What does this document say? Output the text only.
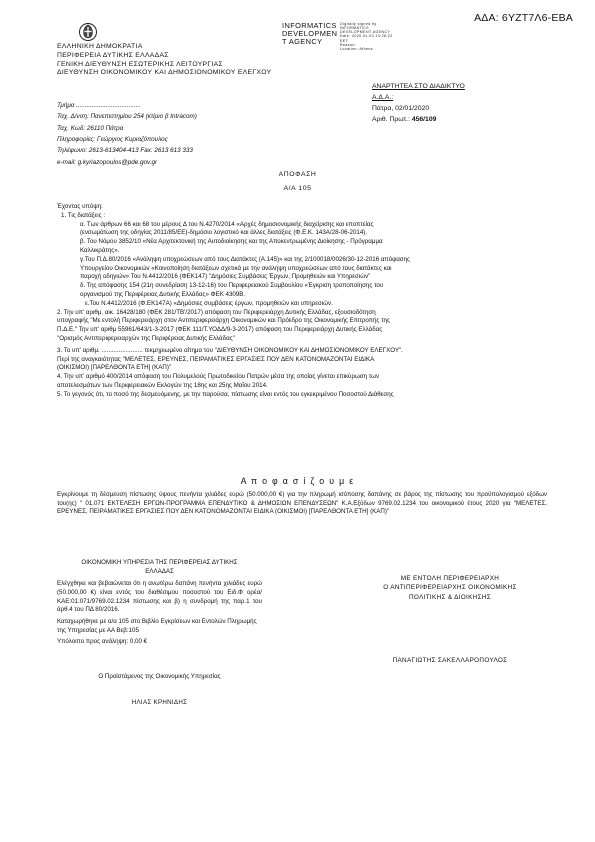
ΑΔΑ: 6ΥΖΤ7Λ6-ΕΒΑ
ΕΛΛΗΝΙΚΗ ΔΗΜΟΚΡΑΤΙΑ
ΠΕΡΙΦΕΡΕΙΑ ΔΥΤΙΚΗΣ ΕΛΛΑΔΑΣ
ΓΕΝΙΚΗ ΔΙΕΥΘΥΝΣΗ ΕΣΩΤΕΡΙΚΗΣ ΛΕΙΤΟΥΡΓΙΑΣ
ΔΙΕΥΘΥΝΣΗ ΟΙΚΟΝΟΜΙΚΟΥ ΚΑΙ ΔΗΜΟΣΙΟΝΟΜΙΚΟΥ ΕΛΕΓΧΟΥ
INFORMATICS
DEVELOPMEN
T AGENCY
Digitally signed by
INFORMATICS
DEVELOPMENT AGENCY
Date: 2020.01.03 13:26:22
EET
Reason:
Location: Athens
ΑΝΑΡΤΗΤΕΑ ΣΤΟ ΔΙΑΔΙΚΤΥΟ
Α.Δ.Α.:
Πάτρα, 02/01/2020
Αριθ. Πρωτ.: 456/109
Τμήμα .....................................
Ταχ. Δ/νση: Πανεπιστημίου 254 (κτίριο β Intracom)
Ταχ. Κωδ: 26110 Πάτρα
Πληροφορίες: Γεώργιος Κυριαζόπουλος
Τηλέφωνο: 2613-613404-413 Fax: 2613 613 333
e-mail: g.kyriazopoulos@pde.gov.gr
ΑΠΟΦΑΣΗ
Α/Α 105

Έχοντας υπόψη:

1. Τις διατάξεις :

α. Των άρθρων 66 και 68 του μέρους Δ του Ν.4270/2014 «Αρχές δημοσιονομικής διαχείρισης και εποπτείας

(ενσωμάτωση της οδηγίας 2011/85/ΕΕ)-δημόσιο λογιστικό και άλλες διατάξεις (Φ.Ε.Κ. 143Α/28-06-2014).

β. Του Νόμου 3852/10 «Νέα Αρχιτεκτονική της Αυτοδιοίκησης και της Αποκεντρωμένης Διοίκησης - Πρόγραμμα

Καλλικράτης».

γ.Του Π.Δ.80/2016 «Ανάληψη υποχρεώσεων από τους Διατάκτες (Α.145)» και της 2/100018/0026/30-12-2016 απόφασης

Υπουργείου Οικονομικών «Κοινοποίηση διατάξεων σχετικά με την ανάληψη υποχρεώσεων από τους διατάκτες και

παροχή οδηγιών» Του Ν.4412/2016 (ΦΕΚ147) "Δημόσιες Συμβάσεις Έργων, Προμηθειών και Υπηρεσιών"

δ. Της απόφασης 154 (21η συνεδρίαση 13-12-16) του Περιφερειακού Συμβουλίου «Έγκριση τροποποίησης του

οργανισμού της Περιφέρειας Δυτικής Ελλάδας» ΦΕΚ 4309Β.

ε.Του Ν.4412/2016 (Φ.ΕΚ147Α) «Δημόσιες συμβάσεις έργων, προμηθειών και υπηρεσιών.

2. Την υπ' αριθμ. αικ. 16428/180 (ΦΕΚ 281/ΤΒ'/2017) απόφαση του Περιφερειάρχη Δυτικής Ελλάδας, εξουσιοδότηση

υπογραφής "Με εντολή Περιφερειάρχη στον Αντιπεριφερειάρχη Οικονομικών και Πρόεδρο της Οικονομικής Επιτροπής της

Π.Δ.Ε." Την υπ' αριθμ 55961/643/1-3-2017 (ΦΕΚ 111/Τ.ΥΟΔΔ/9-3-2017) απόφαση του Περιφερειάρχη Δυτικής Ελλάδας

"Ορισμός Αντιπεριφερειαρχών της Περιφέρειας Δυτικής Ελλάδας"

3. Το υπ' αριθμ. ........................ τεκμηριωμένο αίτημα του "ΔΙΕΥΘΥΝΣΗ ΟΙΚΟΝΟΜΙΚΟΥ ΚΑΙ ΔΗΜΟΣΙΟΝΟΜΙΚΟΥ ΕΛΕΓΧΟΥ".

Περί της αναγκαιότητας "ΜΕΛΕΤΕΣ, ΕΡΕΥΝΕΣ, ΠΕΙΡΑΜΑΤΙΚΕΣ ΕΡΓΑΣΙΕΣ ΠΟΥ ΔΕΝ ΚΑΤΟΝΟΜΑΖΟΝΤΑΙ ΕΙΔΙΚΑ

(ΟΙΚΙΣΜΟΙ) [ΠΑΡΕΛΘΟΝΤΑ ΕΤΗ] (ΚΑΠ)"

4. Την υπ' αριθμό 400/2014 απόφαση του Πολυμελούς Πρωτοδικείου Πατρών μέσα της οποίας γίνεται επικύρωση των

αποτελεσμάτων των Περιφερειακών Εκλογών της 18ης και 25ης Μαΐου 2014.

5. Το γεγονός ότι, το ποσό της δεσμευόμενης, με την παρούσα, πίστωσης είναι εντός του εγκεκριμένου Ποσοστού Διάθεσης

Α π ο φ α σ ί ζ ο υ μ ε
Εγκρίνουμε τη δέσμευση πίστωσης ύψους πενήντα χιλιάδες ευρώ (50.000,00 €) για την πληρωμή ισόποσης δαπάνης σε βάρος της πίστωσης του προϋπολογισμού εξόδων του(ης) " 01.071 ΕΚΤΕΛΕΣΗ ΕΡΓΩΝ-ΠΡΟΓΡΑΜΜΑ ΕΠΕΝΔΥΤΙΚΟ & ΔΗΜΟΣΙΩΝ ΕΠΕΝΔΥΣΕΩΝ" Κ.Α.Εξόδων 9769.02.1234 του οικονομικού έτους 2020 για "ΜΕΛΕΤΕΣ, ΕΡΕΥΝΕΣ, ΠΕΙΡΑΜΑΤΙΚΕΣ ΕΡΓΑΣΙΕΣ ΠΟΥ ΔΕΝ ΚΑΤΟΝΟΜΑΖΟΝΤΑΙ ΕΙΔΙΚΑ (ΟΙΚΙΣΜΟΙ) [ΠΑΡΕΛΘΟΝΤΑ ΕΤΗ] (ΚΑΠ)"
ΟΙΚΟΝΟΜΙΚΗ ΥΠΗΡΕΣΙΑ ΤΗΣ ΠΕΡΙΦΕΡΕΙΑΣ ΔΥΤΙΚΗΣ ΕΛΛΑΔΑΣ
Ελέγχθηκε και βεβαιώνεται ότι η ανωτέρω δαπάνη πενήντα χιλιάδες ευρώ (50.000,00 €) είναι εντός του διαθέσιμου ποσοστού του Ειδ.Φ ορέα/ΚΑΕ:01.071/9769.02.1234 πίστωσης και β) η συνδρομή της παρ.1 του άρθ.4 του ΠΔ 80/2016.
Καταχωρήθηκε με α/α 105 στο Βιβλίο Εγκρίσεων και Εντολών Πληρωμής της Υπηρεσίας με ΑΑ Βεβ:105
Υπόλοιπο προς ανάληψη: 0,00 €
ΜΕ ΕΝΤΟΛΗ ΠΕΡΙΦΕΡΕΙΑΡΧΗ
Ο ΑΝΤΙΠΕΡΙΦΕΡΕΙΑΡΧΗΣ ΟΙΚΟΝΟΜΙΚΗΣ
ΠΟΛΙΤΙΚΗΣ & ΔΙΟΙΚΗΣΗΣ
ΠΑΝΑΓΙΩΤΗΣ ΣΑΚΕΛΛΑΡΟΠΟΥΛΟΣ
Ο Προϊστάμενος της Οικονομικής Υπηρεσίας
ΗΛΙΑΣ ΚΡΗΝΙΔΗΣ
